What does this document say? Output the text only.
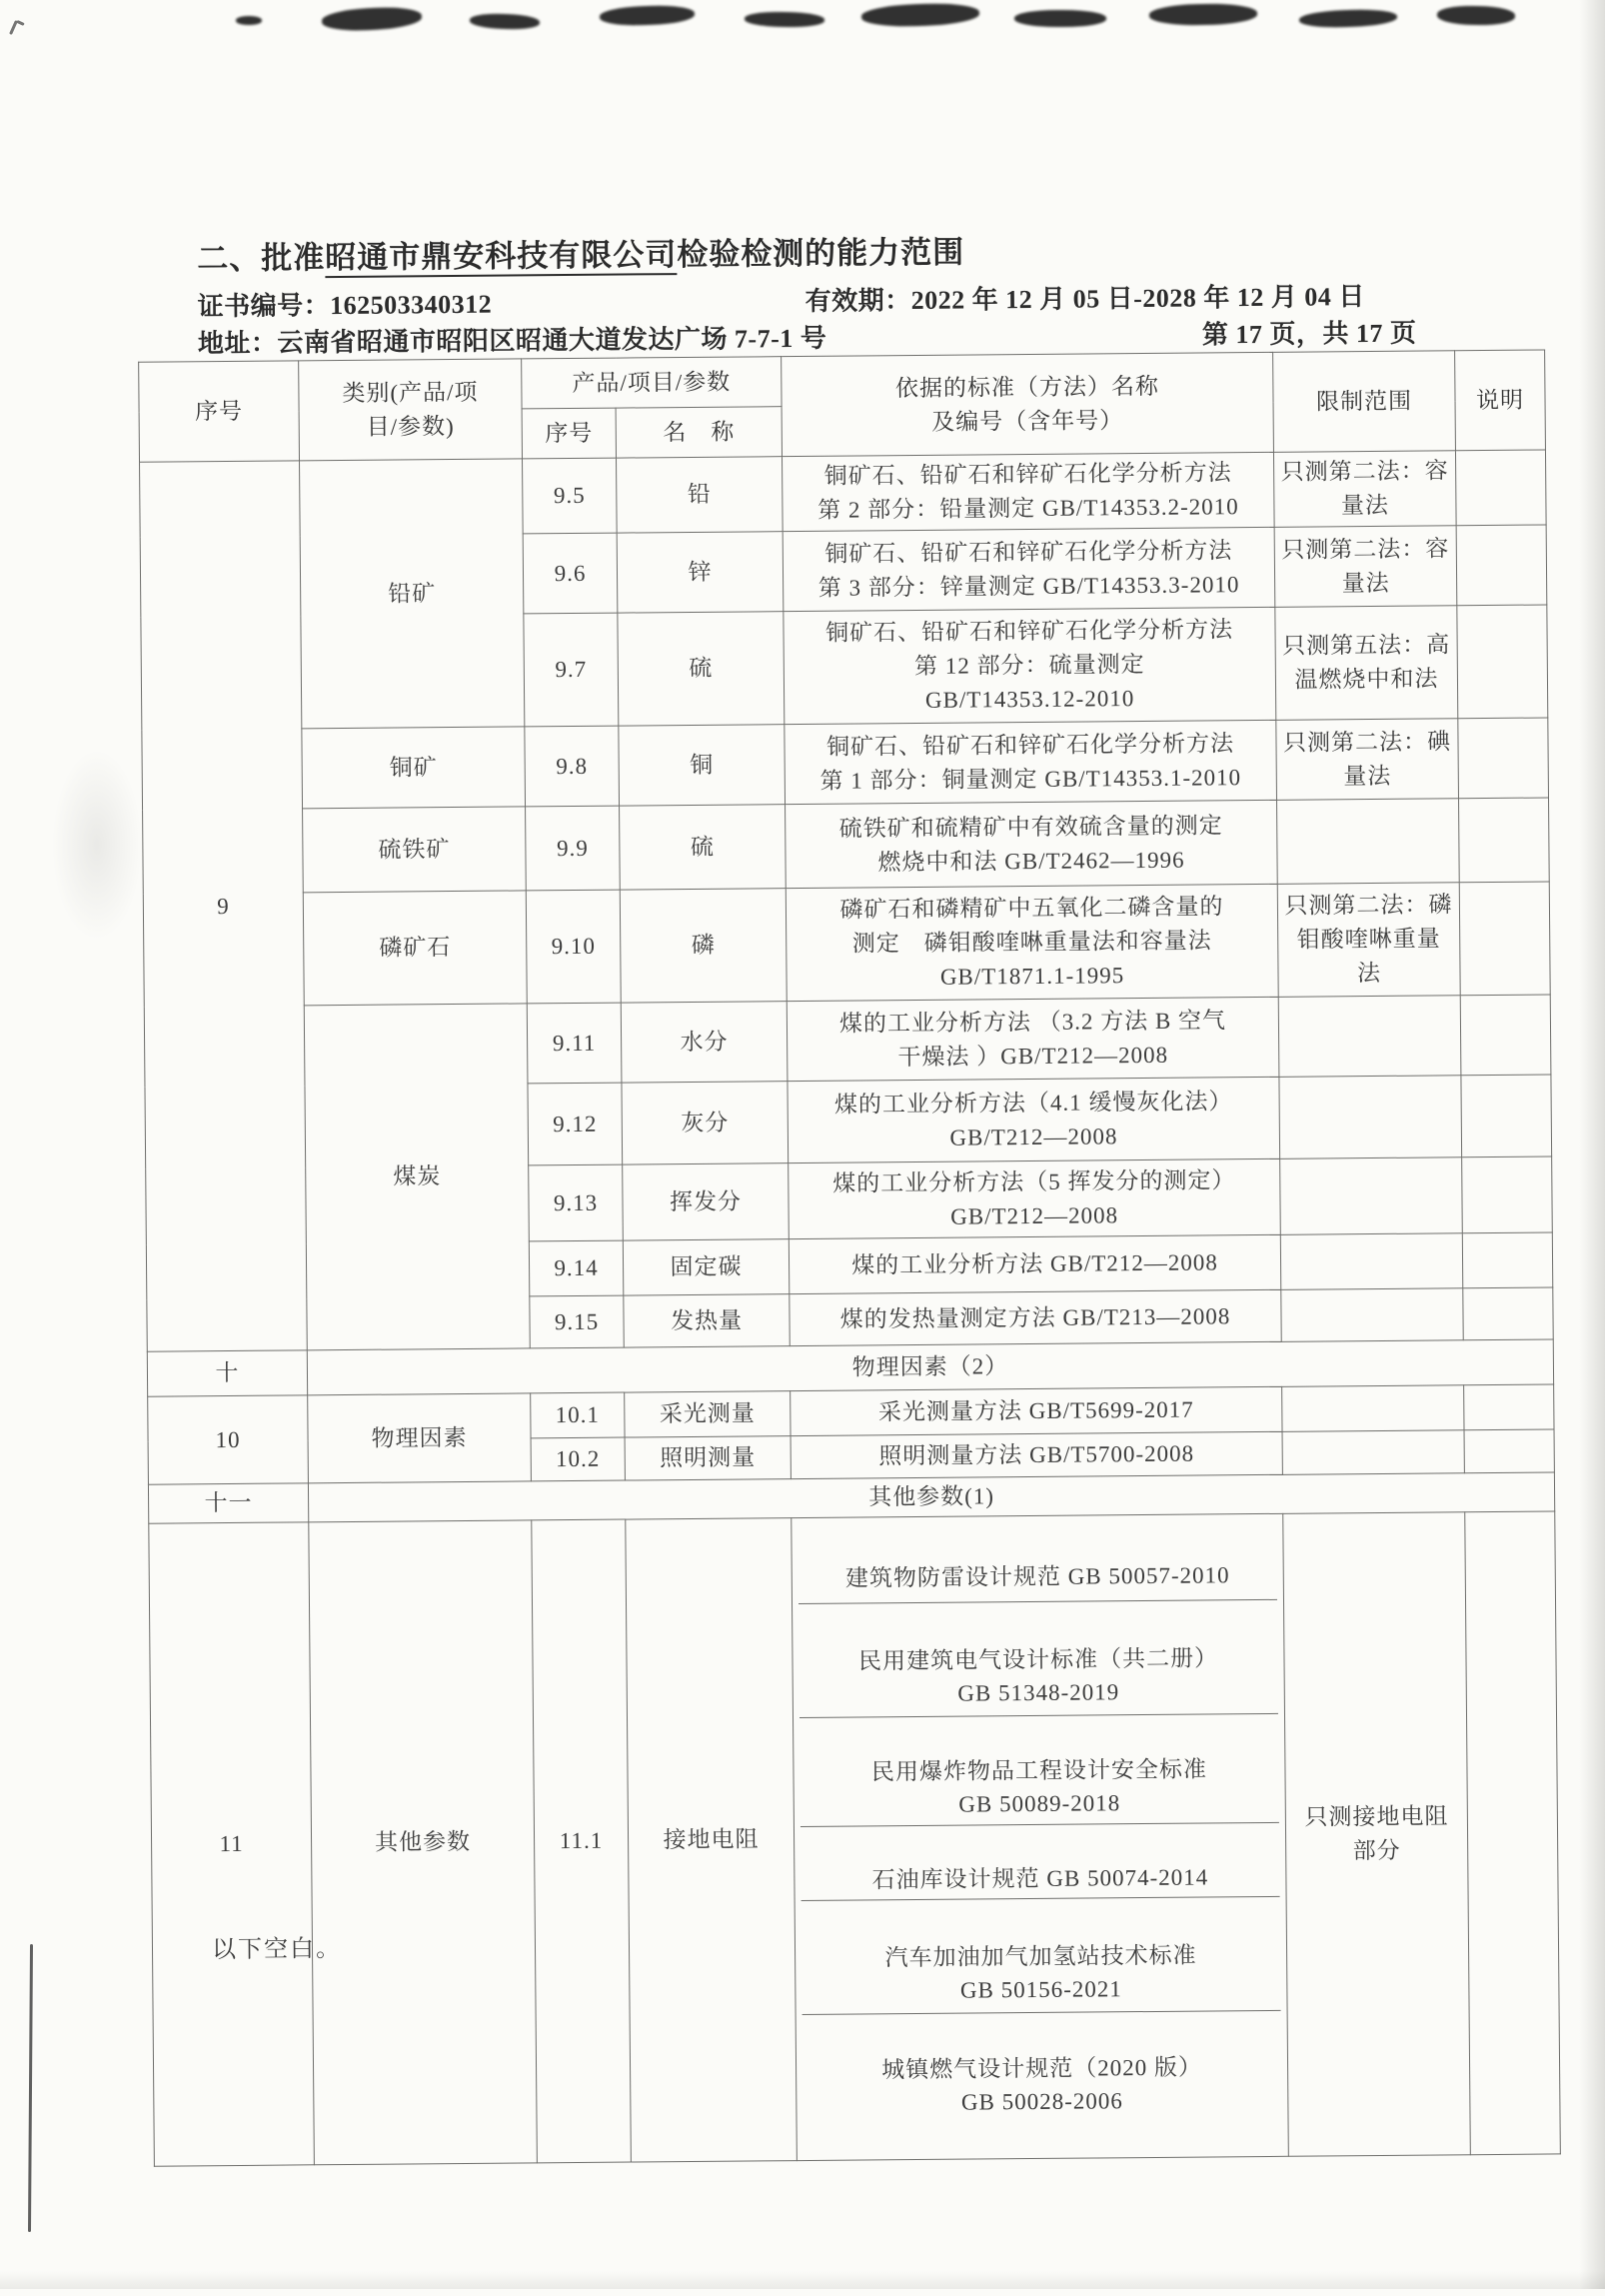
二、批准昭通市鼎安科技有限公司检验检测的能力范围
证书编号：162503340312	有效期：2022 年 12 月 05 日-2028 年 12 月 04 日
地址：云南省昭通市昭阳区昭通大道发达广场 7-7-1 号	第 17 页，共 17 页
序号	类别(产品/项
目/参数)	产品/项目/参数		依据的标准（方法）名称
及编号（含年号）	限制范围	说明
		序号	名　称			
9	铅矿	9.5	铅	铜矿石、铅矿石和锌矿石化学分析方法
第 2 部分：铅量测定 GB/T14353.2-2010	只测第二法：容
量法	
		9.6	锌	铜矿石、铅矿石和锌矿石化学分析方法
第 3 部分：锌量测定 GB/T14353.3-2010	只测第二法：容
量法	
		9.7	硫	铜矿石、铅矿石和锌矿石化学分析方法
第 12 部分：硫量测定
GB/T14353.12-2010	只测第五法：高
温燃烧中和法	
	铜矿	9.8	铜	铜矿石、铅矿石和锌矿石化学分析方法
第 1 部分：铜量测定 GB/T14353.1-2010	只测第二法：碘
量法	
	硫铁矿	9.9	硫	硫铁矿和硫精矿中有效硫含量的测定
燃烧中和法 GB/T2462—1996		
	磷矿石	9.10	磷	磷矿石和磷精矿中五氧化二磷含量的
测定　磷钼酸喹啉重量法和容量法
GB/T1871.1-1995	只测第二法：磷
钼酸喹啉重量
法	
	煤炭	9.11	水分	煤的工业分析方法 （3.2 方法 B 空气
干燥法 ）GB/T212—2008		
		9.12	灰分	煤的工业分析方法（4.1 缓慢灰化法）
GB/T212—2008		
		9.13	挥发分	煤的工业分析方法（5 挥发分的测定）
GB/T212—2008		
		9.14	固定碳	煤的工业分析方法 GB/T212—2008		
		9.15	发热量	煤的发热量测定方法 GB/T213—2008		
十	物理因素（2）					
10	物理因素	10.1	采光测量	采光测量方法 GB/T5699-2017		
		10.2	照明测量	照明测量方法 GB/T5700-2008		
十一	其他参数(1)					
11	其他参数	11.1	接地电阻	

建筑物防雷设计规范 GB 50057-2010

民用建筑电气设计标准（共二册）
GB 51348-2019

民用爆炸物品工程设计安全标准
GB 50089-2018

石油库设计规范 GB 50074-2014

汽车加油加气加氢站技术标准
GB 50156-2021

城镇燃气设计规范（2020 版）
GB 50028-2006

	只测接地电阻
部分	
以下空白。
